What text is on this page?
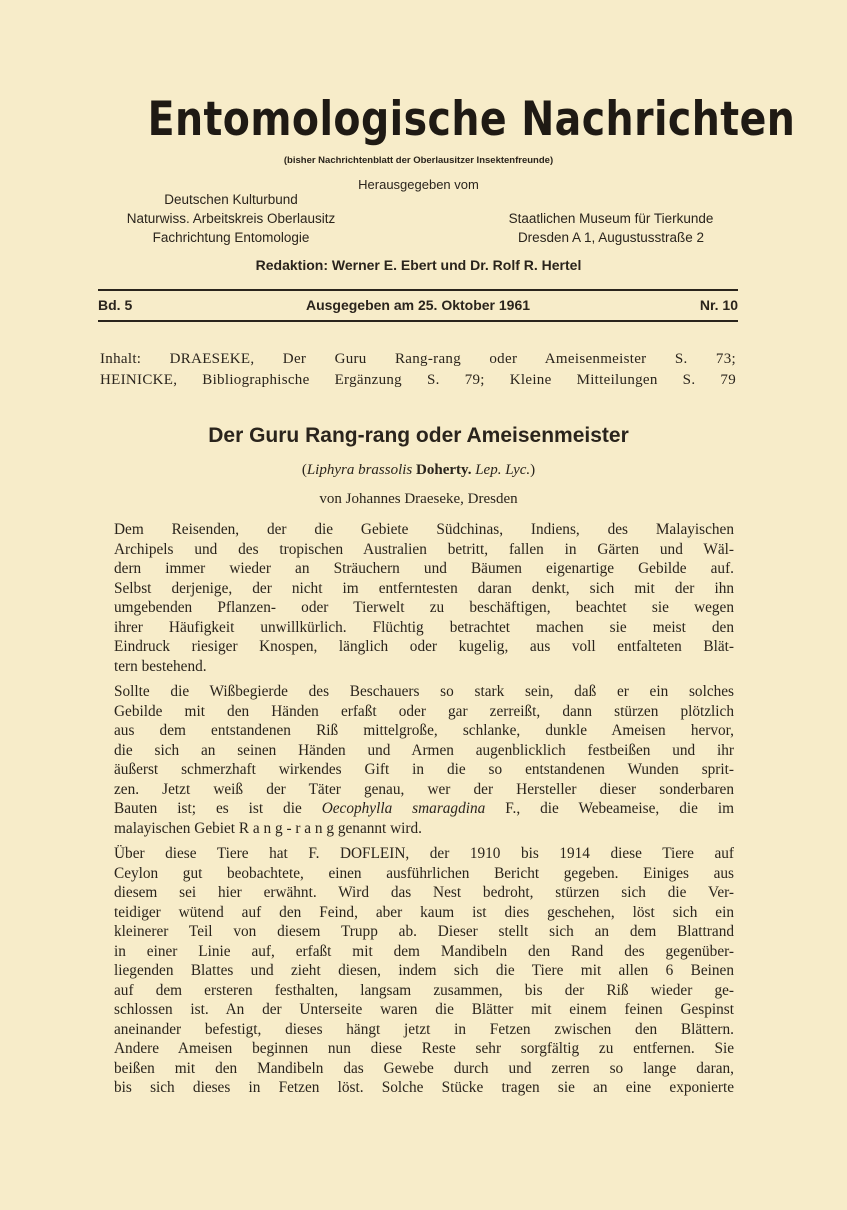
Entomologische Nachrichten
(bisher Nachrichtenblatt der Oberlausitzer Insektenfreunde)
Herausgegeben vom
Deutschen Kulturbund
Naturwiss. Arbeitskreis Oberlausitz
Fachrichtung Entomologie
Staatlichen Museum für Tierkunde
Dresden A 1, Augustusstraße 2
Redaktion: Werner E. Ebert und Dr. Rolf R. Hertel
Bd. 5	Ausgegeben am 25. Oktober 1961	Nr. 10
Inhalt: DRAESEKE, Der Guru Rang-rang oder Ameisenmeister S. 73;
HEINICKE, Bibliographische Ergänzung S. 79; Kleine Mitteilungen S. 79
Der Guru Rang-rang oder Ameisenmeister
(Liphyra brassolis Doherty. Lep. Lyc.)
von Johannes Draeseke, Dresden

Dem Reisenden, der die Gebiete Südchinas, Indiens, des Malayischen
Archipels und des tropischen Australien betritt, fallen in Gärten und Wäl-
dern immer wieder an Sträuchern und Bäumen eigenartige Gebilde auf.
Selbst derjenige, der nicht im entferntesten daran denkt, sich mit der ihn
umgebenden Pflanzen- oder Tierwelt zu beschäftigen, beachtet sie wegen
ihrer Häufigkeit unwillkürlich. Flüchtig betrachtet machen sie meist den
Eindruck riesiger Knospen, länglich oder kugelig, aus voll entfalteten Blät-
tern bestehend.

Sollte die Wißbegierde des Beschauers so stark sein, daß er ein solches
Gebilde mit den Händen erfaßt oder gar zerreißt, dann stürzen plötzlich
aus dem entstandenen Riß mittelgroße, schlanke, dunkle Ameisen hervor,
die sich an seinen Händen und Armen augenblicklich festbeißen und ihr
äußerst schmerzhaft wirkendes Gift in die so entstandenen Wunden sprit-
zen. Jetzt weiß der Täter genau, wer der Hersteller dieser sonderbaren
Bauten ist; es ist die Oecophylla smaragdina F., die Webeameise, die im
malayischen Gebiet R a n g - r a n g genannt wird.

Über diese Tiere hat F. DOFLEIN, der 1910 bis 1914 diese Tiere auf
Ceylon gut beobachtete, einen ausführlichen Bericht gegeben. Einiges aus
diesem sei hier erwähnt. Wird das Nest bedroht, stürzen sich die Ver-
teidiger wütend auf den Feind, aber kaum ist dies geschehen, löst sich ein
kleinerer Teil von diesem Trupp ab. Dieser stellt sich an dem Blattrand
in einer Linie auf, erfaßt mit dem Mandibeln den Rand des gegenüber-
liegenden Blattes und zieht diesen, indem sich die Tiere mit allen 6 Beinen
auf dem ersteren festhalten, langsam zusammen, bis der Riß wieder ge-
schlossen ist. An der Unterseite waren die Blätter mit einem feinen Gespinst
aneinander befestigt, dieses hängt jetzt in Fetzen zwischen den Blättern.
Andere Ameisen beginnen nun diese Reste sehr sorgfältig zu entfernen. Sie
beißen mit den Mandibeln das Gewebe durch und zerren so lange daran,
bis sich dieses in Fetzen löst. Solche Stücke tragen sie an eine exponierte
